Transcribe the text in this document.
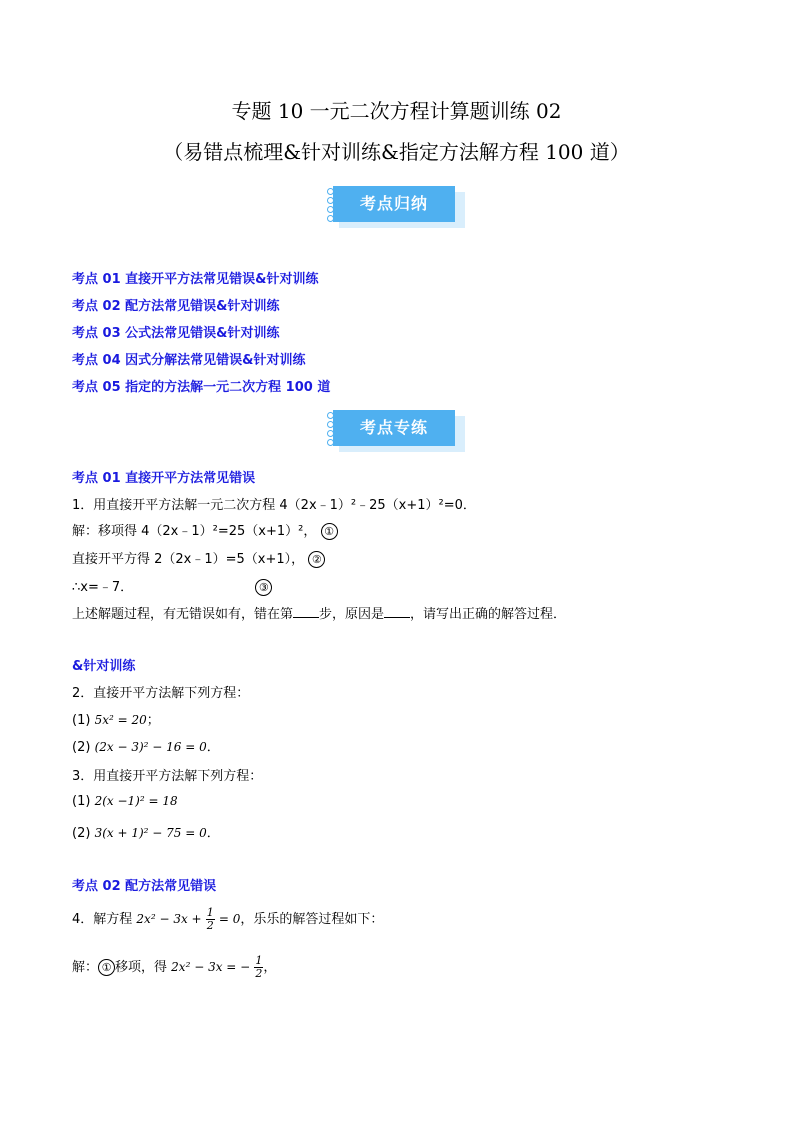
专题 10 一元二次方程计算题训练 02
（易错点梳理&针对训练&指定方法解方程 100 道）
考点归纳
考点 01 直接开平方法常见错误&针对训练
考点 02 配方法常见错误&针对训练
考点 03 公式法常见错误&针对训练
考点 04 因式分解法常见错误&针对训练
考点 05 指定的方法解一元二次方程 100 道
考点专练
考点 01 直接开平方法常见错误
1．用直接开平方法解一元二次方程 4（2x﹣1）²﹣25（x+1）²=0．
解：移项得 4（2x﹣1）²=25（x+1）²， ①
直接开平方得 2（2x﹣1）=5（x+1）， ②
∴x=﹣7．	③
上述解题过程，有无错误如有，错在第 步，原因是 ，请写出正确的解答过程．
&针对训练
2．直接开平方法解下列方程：
(1) 5x² = 20；
(2) (2x − 3)² − 16 = 0．
3．用直接开平方法解下列方程：
(1) 2(x −1)² = 18
(2) 3(x + 1)² − 75 = 0．
考点 02 配方法常见错误
4．解方程 $2x^2 - 3x + \frac{1}{2} = 0$，乐乐的解答过程如下：
解： ① 移项，得 2x² − 3x = − $\frac{1}{2}$ ，
